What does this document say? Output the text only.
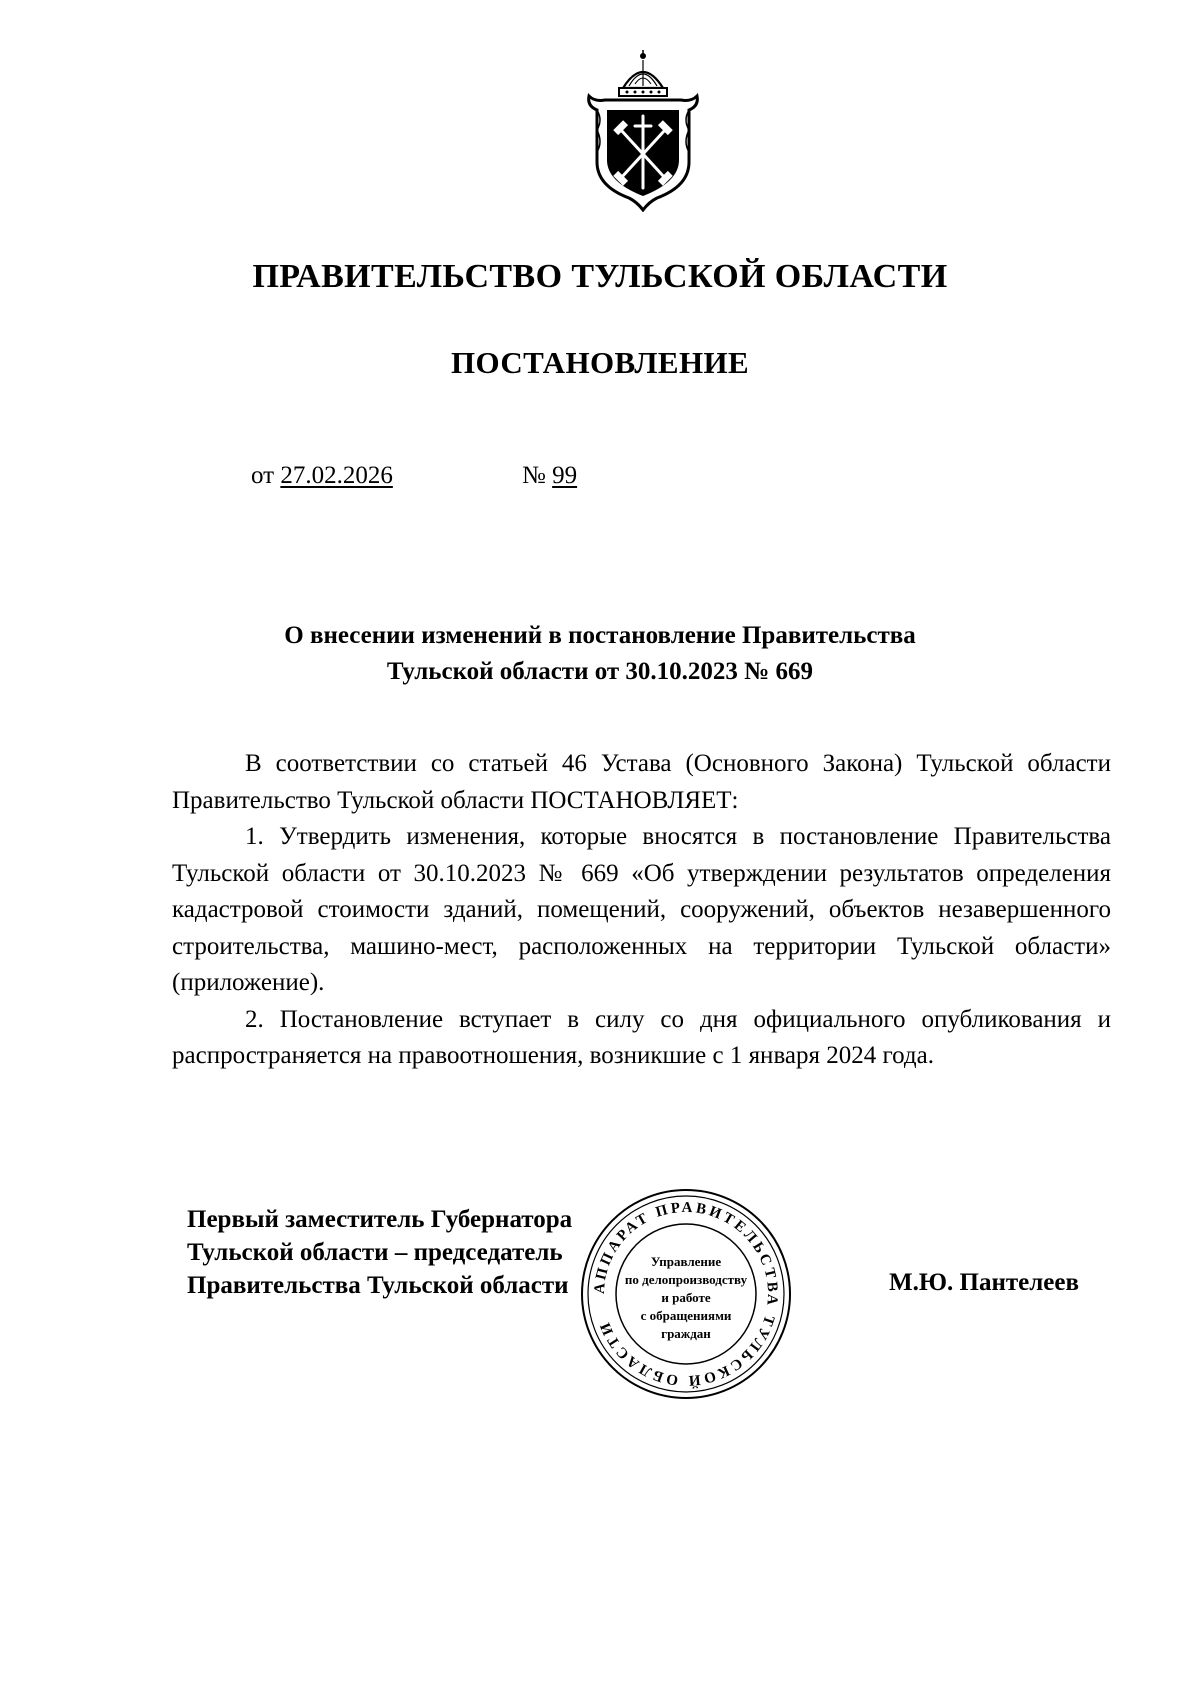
ПРАВИТЕЛЬСТВО ТУЛЬСКОЙ ОБЛАСТИ
ПОСТАНОВЛЕНИЕ
от 27.02.2026	№ 99
О внесении изменений в постановление Правительства
Тульской области от 30.10.2023 № 669

В соответствии со статьей 46 Устава (Основного Закона) Тульской области Правительство Тульской области ПОСТАНОВЛЯЕТ:

1. Утвердить изменения, которые вносятся в постановление Правительства Тульской области от 30.10.2023 № 669 «Об утверждении результатов определения кадастровой стоимости зданий, помещений, сооружений, объектов незавершенного строительства, машино-мест, расположенных на территории Тульской области» (приложение).

2. Постановление вступает в силу со дня официального опубликования и распространяется на правоотношения, возникшие с 1 января 2024 года.

Первый заместитель Губернатора
Тульской области – председатель
Правительства Тульской области	М.Ю. Пантелеев
АППАРАТ ПРАВИТЕЛЬСТВА ТУЛЬСКОЙ ОБЛАСТИ
Управление
по делопроизводству
и работе
с обращениями
граждан
